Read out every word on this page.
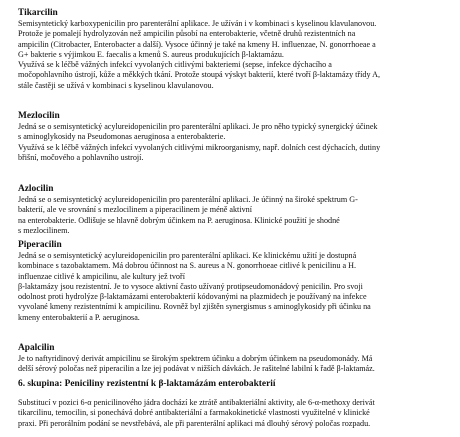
Tikarcilin

Semisyntetický karboxypenicilin pro parenterální aplikace. Je užíván i v kombinaci s kyselinou klavulanovou.

Protože je pomalejí hydrolyzován než ampicilin působí na enterobakterie, včetně druhů rezistentních na

ampicilin (Citrobacter, Enterobacter a další). Vysoce účinný je také na kmeny H. influenzae, N. gonorrhoeae a

G+ bakterie s výjimkou E. faecalis a kmenů S. aureus produkujících β-laktamázu.

Využívá se k léčbě vážných infekcí vyvolaných citlivými bakteriemi (sepse, infekce dýchacího a

močopohlavního ústrojí, kůže a měkkých tkání. Protože stoupá výskyt bakterií, které tvoří β-laktamázy třídy A,

stále častěji se užívá v kombinaci s kyselinou klavulanovou.

Mezlocilin

Jedná se o semisyntetický acylureidopenicilin pro parenterální aplikaci. Je pro něho typický synergický účinek

s aminoglykosidy na Pseudomonas aeruginosa a enterobakterie.

Využívá se k léčbě vážných infekcí vyvolaných citlivými mikroorganismy, např. dolních cest dýchacích, dutiny

břišní, močového a pohlavního ustrojí.

Azlocilin

Jedná se o semisyntetický acylureidopenicilin pro parenterální aplikaci. Je účinný na široké spektrum G-

bakterií, ale ve srovnání s mezlocilinem a piperacilinem je méně aktivní

na enterobakterie. Odlišuje se hlavně dobrým účinkem na P. aeruginosa. Klinické použití je shodné

s mezlocilinem.

Piperacilin

Jedná se o semisyntetický acylureidopenicilin pro parenterální aplikaci. Ke klinickému užití je dostupná

kombinace s tazobaktamem. Má dobrou účinnost na S. aureus a N. gonorrhoeae citlivé k penicilinu a H.

influenzae citlivé k ampicilinu, ale kultury jež tvoří

β-laktamázy jsou rezistentní. Je to vysoce aktivní často užívaný protipseudomonádový penicilin. Pro svoji

odolnost proti hydrolýze β-laktamázami enterobakterií kódovanými na plazmidech je používaný na infekce

vyvolané kmeny rezistentními k ampicilinu. Rovněž byl zjištěn synergismus s aminoglykosidy při účinku na

kmeny enterobakterií a P. aeruginosa.

Apalcilin

Je to naftyridinový derivát ampicilinu se širokým spektrem účinku a dobrým účinkem na pseudomonády. Má

delší sérový poločas než piperacilin a lze jej podávat v nižších dávkách. Je rašitelné labilní k řadě β-laktamáz.

6. skupina: Peniciliny rezistentní k β-laktamázám enterobakterií

Substitucí v pozici 6-α penicilinového jádra dochází ke ztrátě antibakteriální aktivity, ale 6-α-methoxy derivát

tikarcilinu, temocilin, si ponechává dobré antibakteriální a farmakokinetické vlastnosti využitelné v klinické

praxi. Při perorálním podání se nevstřebává, ale při parenterální aplikaci má dlouhý sérový poločas rozpadu.
